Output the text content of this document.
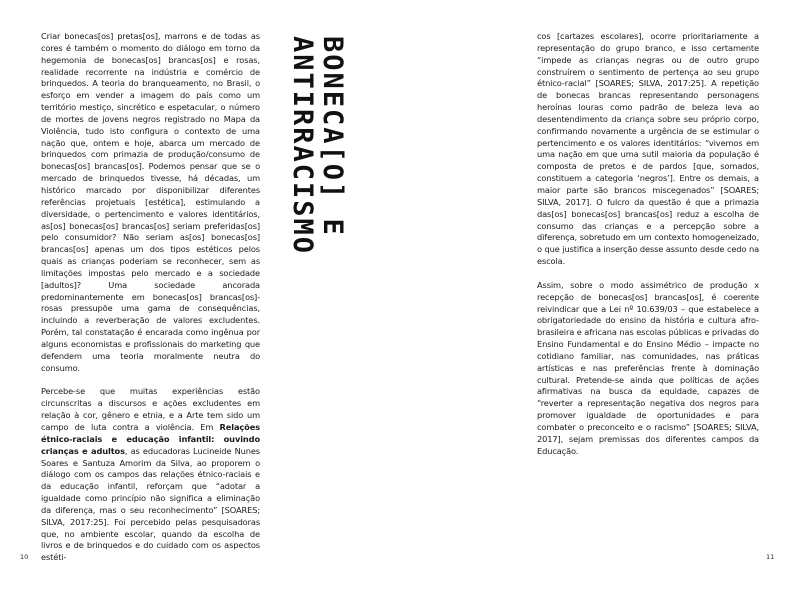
Criar bonecas[os] pretas[os], marrons e de todas as cores é também o momento do diálogo em torno da hegemonia de bonecas[os] brancas[os] e rosas, realidade recorrente na indústria e comércio de brinquedos. A teoria do branqueamento, no Brasil, o esforço em vender a imagem do país como um território mestiço, sincrético e espetacular, o número de mortes de jovens negros registrado no Mapa da Violência, tudo isto configura o contexto de uma nação que, ontem e hoje, abarca um mercado de brinquedos com primazia de produção/consumo de bonecas[os] brancas[os]. Podemos pensar que se o mercado de brinquedos tivesse, há décadas, um histórico marcado por disponibilizar diferentes referências projetuais [estética], estimulando a diversidade, o pertencimento e valores identitários, as[os] bonecas[os] brancas[os] seriam preferidas[os] pelo consumidor? Não seriam as[os] bonecas[os] brancas[os] apenas um dos tipos estéticos pelos quais as crianças poderiam se reconhecer, sem as limitações impostas pelo mercado e a sociedade [adultos]? Uma sociedade ancorada predominantemente em bonecas[os] brancas[os]-rosas pressupõe uma gama de consequências, incluindo a reverberação de valores excludentes. Porém, tal constatação é encarada como ingênua por alguns economistas e profissionais do marketing que defendem uma teoria moralmente neutra do consumo.

Percebe-se que muitas experiências estão circunscritas a discursos e ações excludentes em relação à cor, gênero e etnia, e a Arte tem sido um campo de luta contra a violência. Em Relações étnico-raciais e educação infantil: ouvindo crianças e adultos, as educadoras Lucineide Nunes Soares e Santuza Amorim da Silva, ao proporem o diálogo com os campos das relações étnico-raciais e da educação infantil, reforçam que “adotar a igualdade como princípio não significa a eliminação da diferença, mas o seu reconhecimento” [SOARES; SILVA, 2017:25]. Foi percebido pelas pesquisadoras que, no ambiente escolar, quando da escolha de livros e de brinquedos e do cuidado com os aspectos estéti-

BONECA[O] E
ANTIRRACISMO
10

cos [cartazes escolares], ocorre prioritariamente a representação do grupo branco, e isso certamente “impede as crianças negras ou de outro grupo construírem o sentimento de pertença ao seu grupo étnico-racial” [SOARES; SILVA, 2017:25]. A repetição de bonecas brancas representando personagens heroínas louras como padrão de beleza leva ao desentendimento da criança sobre seu próprio corpo, confirmando novamente a urgência de se estimular o pertencimento e os valores identitários: “vivemos em uma nação em que uma sutil maioria da população é composta de pretos e de pardos [que, somados, constituem a categoria ‘negros’]. Entre os demais, a maior parte são brancos miscegenados” [SOARES; SILVA, 2017]. O fulcro da questão é que a primazia das[os] bonecas[os] brancas[os] reduz a escolha de consumo das crianças e a percepção sobre a diferença, sobretudo em um contexto homogeneizado, o que justifica a inserção desse assunto desde cedo na escola.

Assim, sobre o modo assimétrico de produção x recepção de bonecas[os] brancas[os], é coerente reivindicar que a Lei nº 10.639/03 – que estabelece a obrigatoriedade do ensino da história e cultura afro-brasileira e africana nas escolas públicas e privadas do Ensino Fundamental e do Ensino Médio – impacte no cotidiano familiar, nas comunidades, nas práticas artísticas e nas preferências frente à dominação cultural. Pretende-se ainda que políticas de ações afirmativas na busca da equidade, capazes de “reverter a representação negativa dos negros para promover igualdade de oportunidades e para combater o preconceito e o racismo” [SOARES; SILVA, 2017], sejam premissas dos diferentes campos da Educação.

11
